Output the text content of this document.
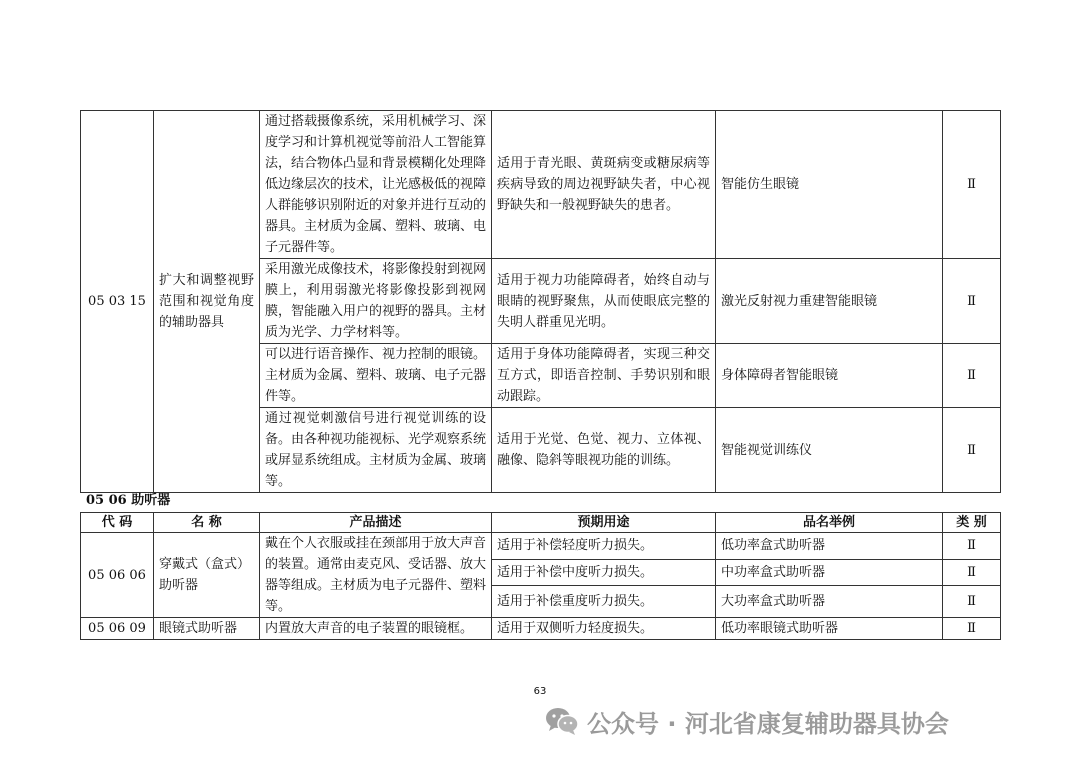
05 03 15	扩大和调整视野范围和视觉角度的辅助器具	通过搭载摄像系统，采用机械学习、深度学习和计算机视觉等前沿人工智能算法，结合物体凸显和背景模糊化处理降低边缘层次的技术，让光感极低的视障人群能够识别附近的对象并进行互动的器具。主材质为金属、塑料、玻璃、电子元器件等。	适用于青光眼、黄斑病变或糖尿病等疾病导致的周边视野缺失者，中心视野缺失和一般视野缺失的患者。	智能仿生眼镜	Ⅱ
		采用激光成像技术，将影像投射到视网膜上，利用弱激光将影像投影到视网膜，智能融入用户的视野的器具。主材质为光学、力学材料等。	适用于视力功能障碍者，始终自动与眼睛的视野聚焦，从而使眼底完整的失明人群重见光明。	激光反射视力重建智能眼镜	Ⅱ
		可以进行语音操作、视力控制的眼镜。主材质为金属、塑料、玻璃、电子元器件等。	适用于身体功能障碍者，实现三种交互方式，即语音控制、手势识别和眼动跟踪。	身体障碍者智能眼镜	Ⅱ
		通过视觉刺激信号进行视觉训练的设备。由各种视功能视标、光学观察系统或屏显系统组成。主材质为金属、玻璃等。	适用于光觉、色觉、视力、立体视、融像、隐斜等眼视功能的训练。	智能视觉训练仪	Ⅱ
05 06 助听器
代 码	名 称	产品描述	预期用途	品名举例	类 别
05 06 06	穿戴式（盒式）助听器	戴在个人衣服或挂在颈部用于放大声音的装置。通常由麦克风、受话器、放大器等组成。主材质为电子元器件、塑料等。	适用于补偿轻度听力损失。	低功率盒式助听器	Ⅱ
			适用于补偿中度听力损失。	中功率盒式助听器	Ⅱ
			适用于补偿重度听力损失。	大功率盒式助听器	Ⅱ
05 06 09	眼镜式助听器	内置放大声音的电子装置的眼镜框。	适用于双侧听力轻度损失。	低功率眼镜式助听器	Ⅱ
63
公众号 · 河北省康复辅助器具协会
